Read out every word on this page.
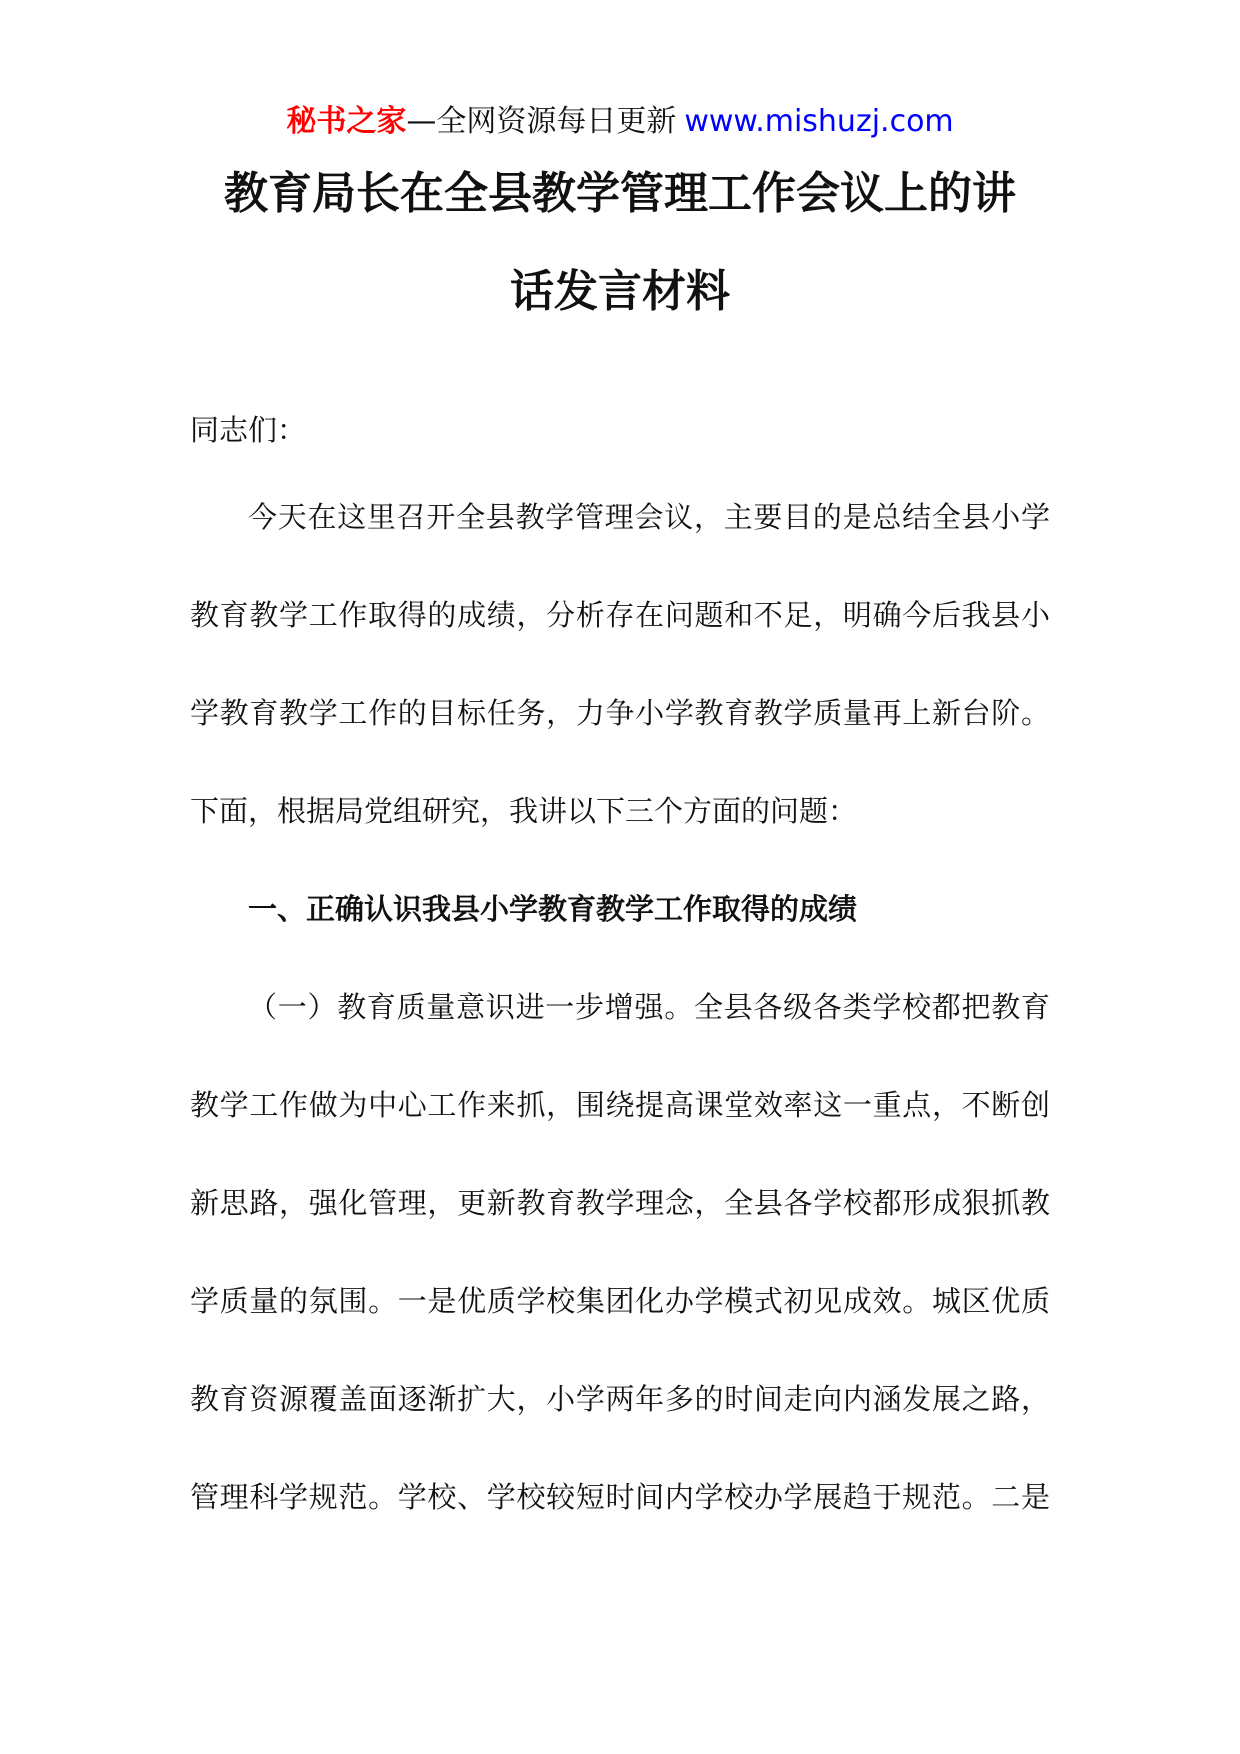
秘书之家—全网资源每日更新 www.mishuzj.com
教育局长在全县教学管理工作会议上的讲
话发言材料
同志们：
今天在这里召开全县教学管理会议，主要目的是总结全县小学
教育教学工作取得的成绩，分析存在问题和不足，明确今后我县小
学教育教学工作的目标任务，力争小学教育教学质量再上新台阶。
下面，根据局党组研究，我讲以下三个方面的问题：
一、正确认识我县小学教育教学工作取得的成绩
（一）教育质量意识进一步增强。全县各级各类学校都把教育
教学工作做为中心工作来抓，围绕提高课堂效率这一重点，不断创
新思路，强化管理，更新教育教学理念，全县各学校都形成狠抓教
学质量的氛围。一是优质学校集团化办学模式初见成效。城区优质
教育资源覆盖面逐渐扩大，小学两年多的时间走向内涵发展之路，
管理科学规范。学校、学校较短时间内学校办学展趋于规范。二是
